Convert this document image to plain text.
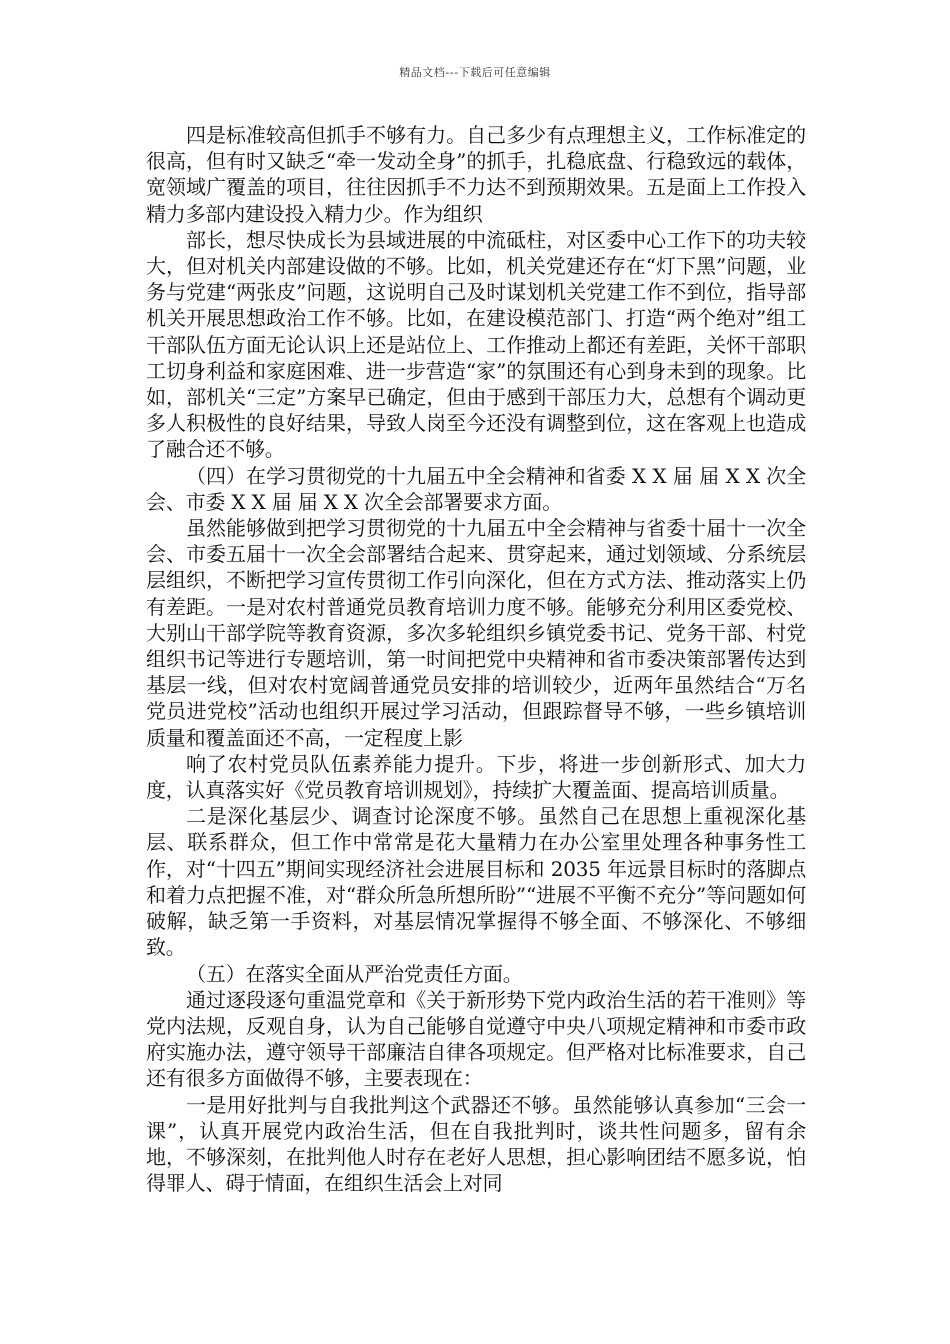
精品文档---下载后可任意编辑

四是标准较高但抓手不够有力。自己多少有点理想主义，工作标准定的很高，但有时又缺乏“牵一发动全身”的抓手，扎稳底盘、行稳致远的载体，宽领域广覆盖的项目，往往因抓手不力达不到预期效果。五是面上工作投入精力多部内建设投入精力少。作为组织

部长，想尽快成长为县域进展的中流砥柱，对区委中心工作下的功夫较大，但对机关内部建设做的不够。比如，机关党建还存在“灯下黑”问题，业务与党建“两张皮”问题，这说明自己及时谋划机关党建工作不到位，指导部机关开展思想政治工作不够。比如，在建设模范部门、打造“两个绝对”组工干部队伍方面无论认识上还是站位上、工作推动上都还有差距，关怀干部职工切身利益和家庭困难、进一步营造“家”的氛围还有心到身未到的现象。比如，部机关“三定”方案早已确定，但由于感到干部压力大，总想有个调动更多人积极性的良好结果，导致人岗至今还没有调整到位，这在客观上也造成了融合还不够。

（四）在学习贯彻党的十九届五中全会精神和省委 X X 届 届 X X 次全会、市委 X X 届 届 X X 次全会部署要求方面。

虽然能够做到把学习贯彻党的十九届五中全会精神与省委十届十一次全会、市委五届十一次全会部署结合起来、贯穿起来，通过划领域、分系统层层组织，不断把学习宣传贯彻工作引向深化，但在方式方法、推动落实上仍有差距。一是对农村普通党员教育培训力度不够。能够充分利用区委党校、大别山干部学院等教育资源，多次多轮组织乡镇党委书记、党务干部、村党组织书记等进行专题培训，第一时间把党中央精神和省市委决策部署传达到基层一线，但对农村宽阔普通党员安排的培训较少，近两年虽然结合“万名党员进党校”活动也组织开展过学习活动，但跟踪督导不够，一些乡镇培训质量和覆盖面还不高，一定程度上影

响了农村党员队伍素养能力提升。下步，将进一步创新形式、加大力度，认真落实好《党员教育培训规划》，持续扩大覆盖面、提高培训质量。

二是深化基层少、调查讨论深度不够。虽然自己在思想上重视深化基层、联系群众，但工作中常常是花大量精力在办公室里处理各种事务性工作，对“十四五”期间实现经济社会进展目标和 2035 年远景目标时的落脚点和着力点把握不准，对“群众所急所想所盼”“进展不平衡不充分”等问题如何破解，缺乏第一手资料，对基层情况掌握得不够全面、不够深化、不够细致。

（五）在落实全面从严治党责任方面。

通过逐段逐句重温党章和《关于新形势下党内政治生活的若干准则》等党内法规，反观自身，认为自己能够自觉遵守中央八项规定精神和市委市政府实施办法，遵守领导干部廉洁自律各项规定。但严格对比标准要求，自己还有很多方面做得不够，主要表现在：

一是用好批判与自我批判这个武器还不够。虽然能够认真参加“三会一课”，认真开展党内政治生活，但在自我批判时，谈共性问题多，留有余地，不够深刻，在批判他人时存在老好人思想，担心影响团结不愿多说，怕得罪人、碍于情面，在组织生活会上对同
